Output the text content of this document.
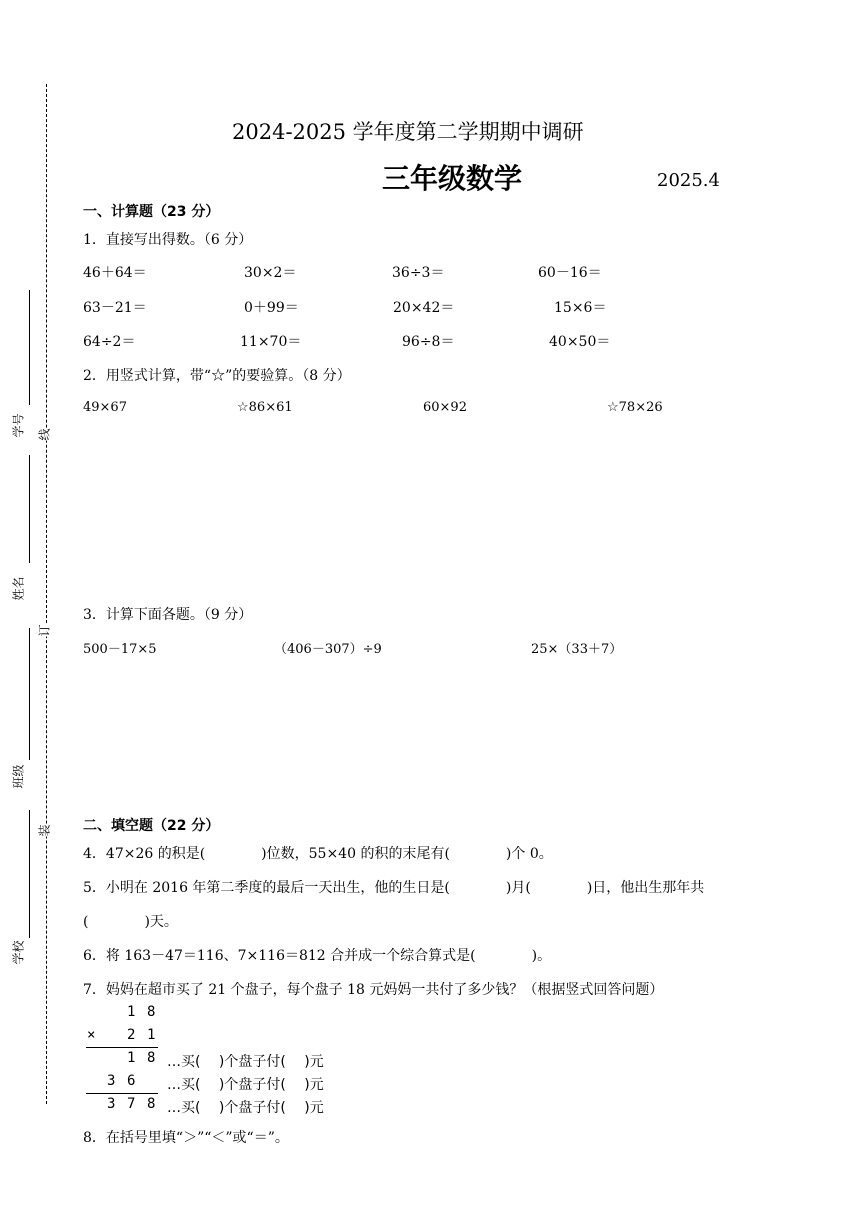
学号
姓名
班级
学校
线
订
装
2024-2025 学年度第二学期期中调研
三年级数学	2025.4
一、计算题（23 分）
1．直接写出得数。（6 分）
46＋64＝	30×2＝	36÷3＝	60－16＝
63－21＝	0＋99＝	20×42＝	15×6＝
64÷2＝	11×70＝	96÷8＝	40×50＝
2．用竖式计算，带“☆”的要验算。（8 分）
49×67	☆86×61	60×92	☆78×26
3．计算下面各题。（9 分）
500－17×5	（406－307）÷9	25×（33＋7）
二、填空题（22 分）
4．47×26 的积是(　　　　)位数，55×40 的积的末尾有(　　　　)个 0。
5．小明在 2016 年第二季度的最后一天出生，他的生日是(　　　　)月(　　　　)日，他出生那年共
(　　　　)天。
6．将 163－47＝116、7×116＝812 合并成一个综合算式是(　　　　)。
7．妈妈在超市买了 21 个盘子，每个盘子 18 元妈妈一共付了多少钱？（根据竖式回答问题）
1 8
× 2 1
1 8
3 6
3 7 8
…买(　 )个盘子付(　 )元
…买(　 )个盘子付(　 )元
…买(　 )个盘子付(　 )元
8．在括号里填“＞”“＜”或“＝”。
